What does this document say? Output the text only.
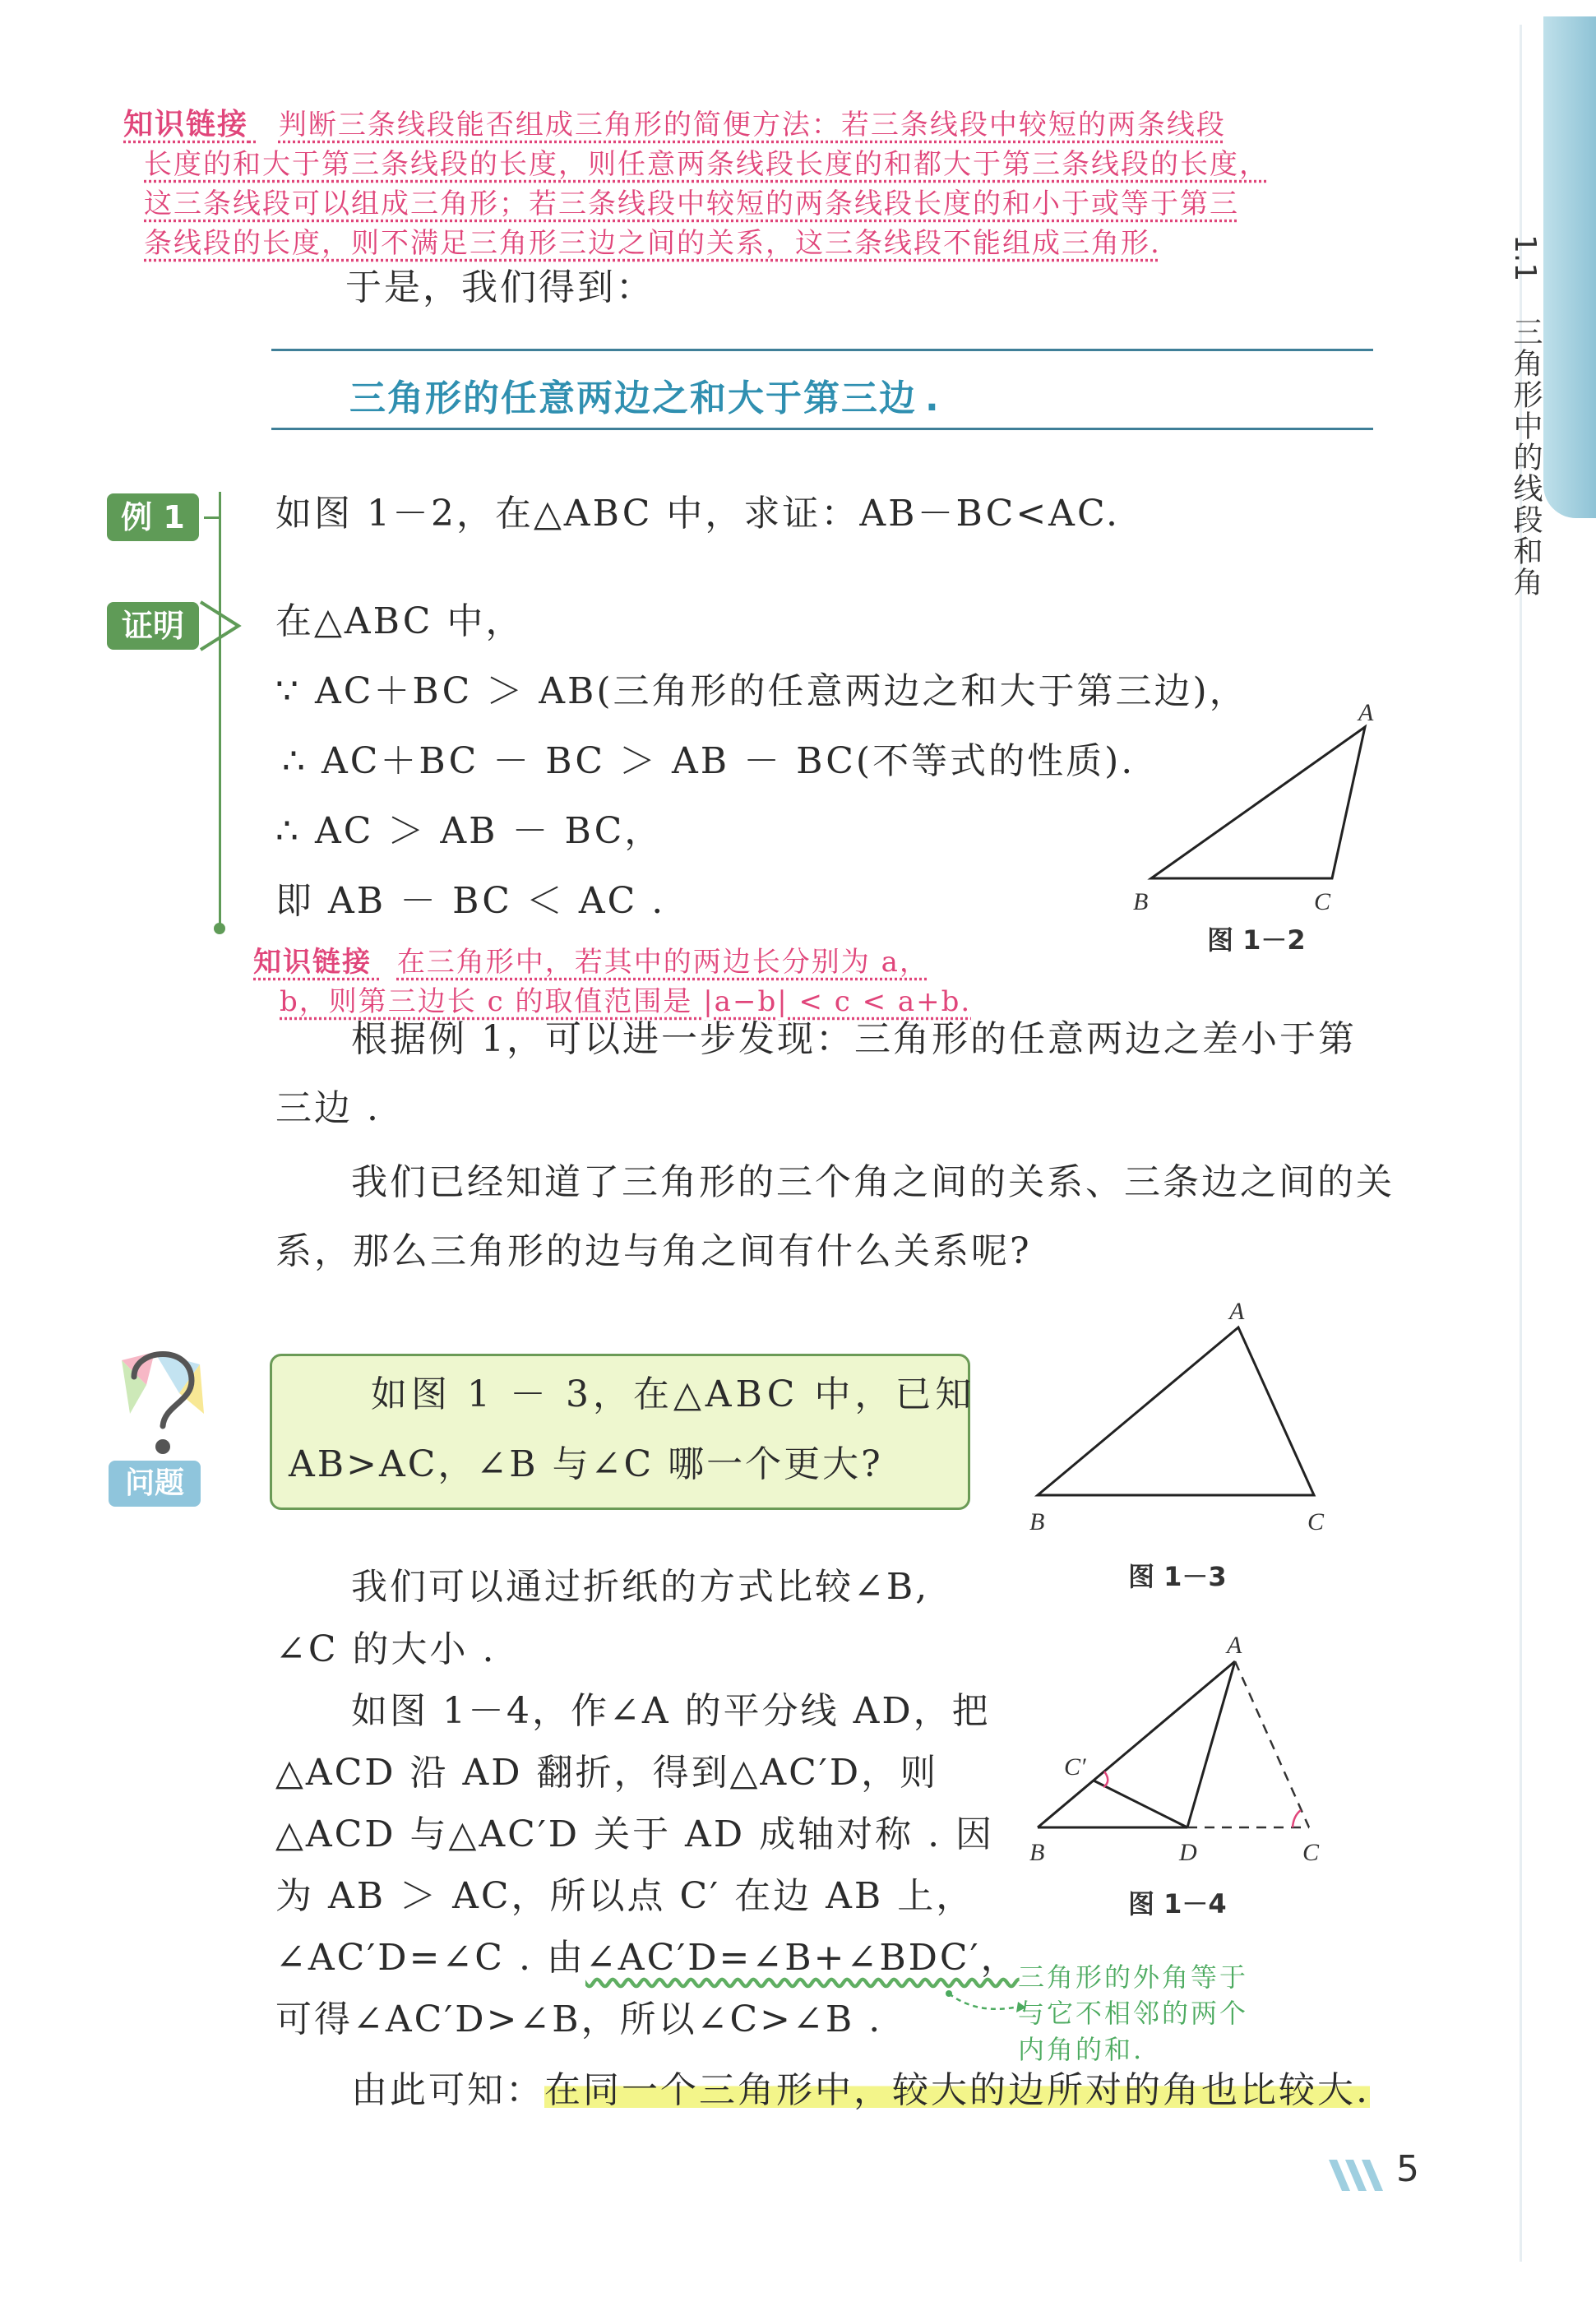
1.1
三角形中的线段和角
知识链接 判断三条线段能否组成三角形的简便方法：若三条线段中较短的两条线段
长度的和大于第三条线段的长度，则任意两条线段长度的和都大于第三条线段的长度，
这三条线段可以组成三角形；若三条线段中较短的两条线段长度的和小于或等于第三
条线段的长度，则不满足三角形三边之间的关系，这三条线段不能组成三角形.
于是，我们得到：
三角形的任意两边之和大于第三边 .
例 1	如图 1－2，在△ABC 中，求证：AB－BC<AC.
证明	在△ABC 中，
∵ AC＋BC ＞ AB(三角形的任意两边之和大于第三边)，
∴ AC＋BC － BC ＞ AB － BC(不等式的性质).
∴ AC ＞ AB － BC，
即 AB － BC ＜ AC .
A
B	C
图 1－2
知识链接 在三角形中，若其中的两边长分别为 a，
b，则第三边长 c 的取值范围是 |a−b| < c < a+b.
根据例 1，可以进一步发现：三角形的任意两边之差小于第
三边 .
我们已经知道了三角形的三个角之间的关系、三条边之间的关
系，那么三角形的边与角之间有什么关系呢?
问题
如图 1 － 3，在△ABC 中，已知
AB>AC，∠B 与∠C 哪一个更大?
A
B	C
图 1－3
我们可以通过折纸的方式比较∠B,
∠C 的大小 .
如图 1－4，作∠A 的平分线 AD，把
△ACD 沿 AD 翻折，得到△AC′D，则
△ACD 与△AC′D 关于 AD 成轴对称 . 因
为 AB ＞ AC，所以点 C′ 在边 AB 上，
∠AC′D=∠C . 由∠AC′D=∠B+∠BDC′，
可得∠AC′D>∠B，所以∠C>∠B .
A
C′
B	D	C
图 1－4
三角形的外角等于
与它不相邻的两个
内角的和.
由此可知：在同一个三角形中，较大的边所对的角也比较大.
5
